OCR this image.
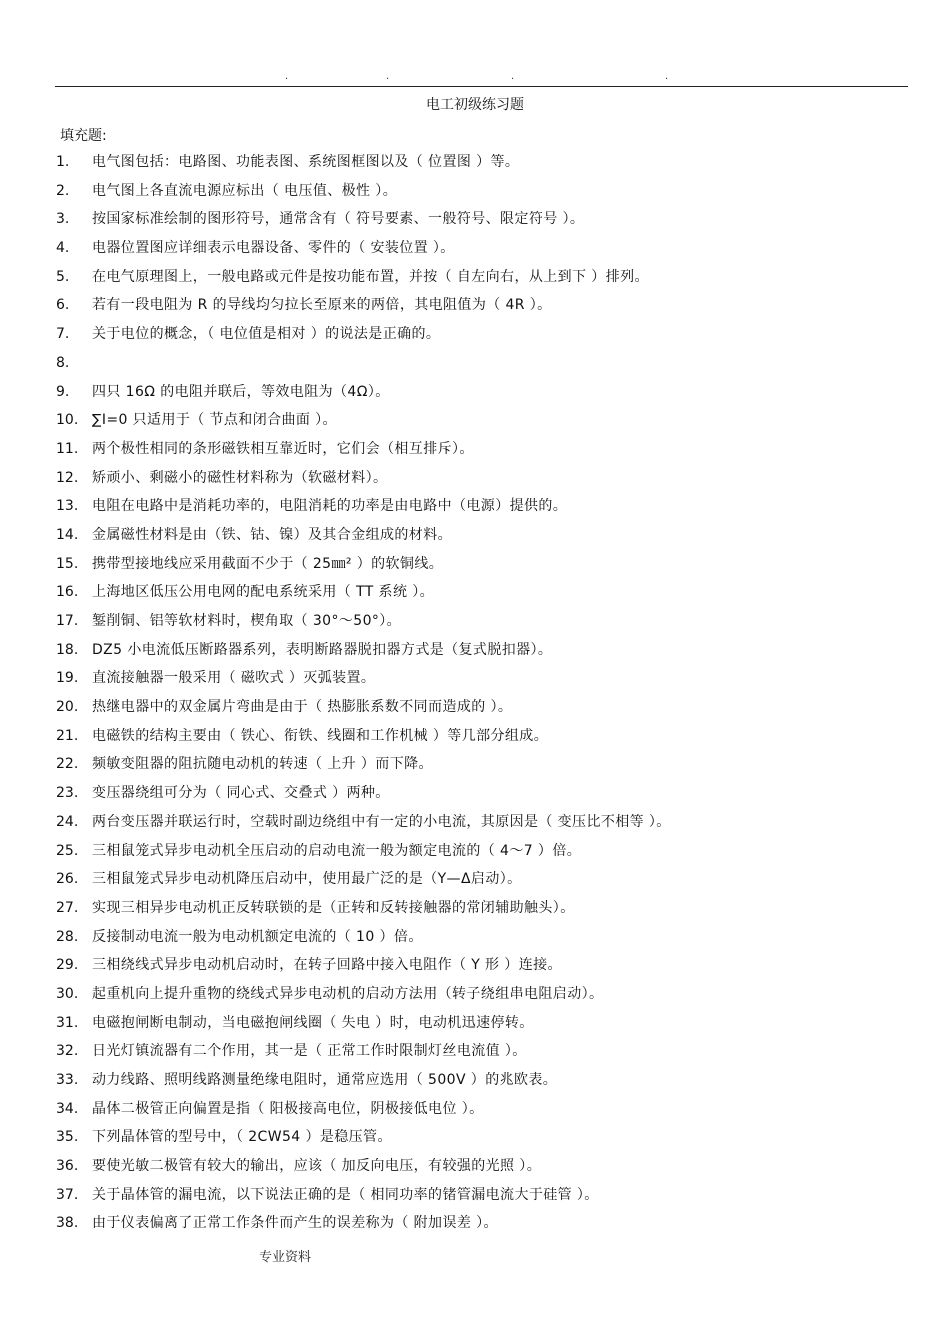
.	.	.	.
电工初级练习题
填充题:
1. 电气图包括：电路图、功能表图、系统图框图以及（ 位置图 ）等。
2. 电气图上各直流电源应标出（ 电压值、极性 ）。
3. 按国家标准绘制的图形符号，通常含有（ 符号要素、一般符号、限定符号 ）。
4. 电器位置图应详细表示电器设备、零件的（ 安装位置 ）。
5. 在电气原理图上，一般电路或元件是按功能布置，并按（ 自左向右，从上到下 ）排列。
6. 若有一段电阻为 R 的导线均匀拉长至原来的两倍，其电阻值为（ 4R ）。
7. 关于电位的概念，（ 电位值是相对 ）的说法是正确的。
8.
9. 四只 16Ω 的电阻并联后，等效电阻为（4Ω）。
10. ∑I=0 只适用于（ 节点和闭合曲面 ）。
11. 两个极性相同的条形磁铁相互靠近时，它们会（相互排斥）。
12. 矫顽小、剩磁小的磁性材料称为（软磁材料）。
13. 电阻在电路中是消耗功率的，电阻消耗的功率是由电路中（电源）提供的。
14. 金属磁性材料是由（铁、钴、镍）及其合金组成的材料。
15. 携带型接地线应采用截面不少于（ 25㎜² ）的软铜线。
16. 上海地区低压公用电网的配电系统采用（ TT 系统 ）。
17. 錾削铜、铝等软材料时，楔角取（ 30°～50°）。
18. DZ5 小电流低压断路器系列，表明断路器脱扣器方式是（复式脱扣器）。
19. 直流接触器一般采用（ 磁吹式 ）灭弧装置。
20. 热继电器中的双金属片弯曲是由于（ 热膨胀系数不同而造成的 ）。
21. 电磁铁的结构主要由（ 铁心、衔铁、线圈和工作机械 ）等几部分组成。
22. 频敏变阻器的阻抗随电动机的转速（ 上升 ）而下降。
23. 变压器绕组可分为（ 同心式、交叠式 ）两种。
24. 两台变压器并联运行时，空载时副边绕组中有一定的小电流，其原因是（ 变压比不相等 ）。
25. 三相鼠笼式异步电动机全压启动的启动电流一般为额定电流的（ 4～7 ）倍。
26. 三相鼠笼式异步电动机降压启动中，使用最广泛的是（Y—Δ启动）。
27. 实现三相异步电动机正反转联锁的是（正转和反转接触器的常闭辅助触头）。
28. 反接制动电流一般为电动机额定电流的（ 10 ）倍。
29. 三相绕线式异步电动机启动时，在转子回路中接入电阻作（ Y 形 ）连接。
30. 起重机向上提升重物的绕线式异步电动机的启动方法用（转子绕组串电阻启动）。
31. 电磁抱闸断电制动，当电磁抱闸线圈（ 失电 ）时，电动机迅速停转。
32. 日光灯镇流器有二个作用，其一是（ 正常工作时限制灯丝电流值 ）。
33. 动力线路、照明线路测量绝缘电阻时，通常应选用（ 500V ）的兆欧表。
34. 晶体二极管正向偏置是指（ 阳极接高电位，阴极接低电位 ）。
35. 下列晶体管的型号中，（ 2CW54 ）是稳压管。
36. 要使光敏二极管有较大的输出，应该（ 加反向电压，有较强的光照 ）。
37. 关于晶体管的漏电流，以下说法正确的是（ 相同功率的锗管漏电流大于硅管 ）。
38. 由于仪表偏离了正常工作条件而产生的误差称为（ 附加误差 ）。
专业资料
